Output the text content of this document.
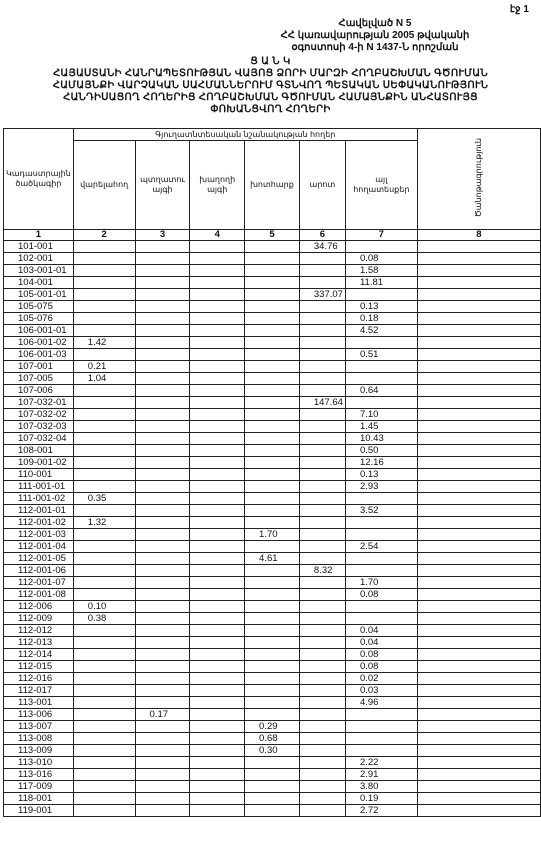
էջ 1
Հավելված N 5
ՀՀ կառավարության 2005 թվականի
օգոստոսի 4-ի N 1437-Ն որոշման
Ց Ա Ն Կ
ՀԱՅԱՍՏԱՆԻ ՀԱՆՐԱՊԵՏՈՒԹՅԱՆ ՎԱՅՈՑ ՁՈՐԻ ՄԱՐԶԻ ՀՈՂԲԱՇԽՄԱՆ ԳԾՈՒՄԱՆ
ՀԱՄԱՅՆՔԻ ՎԱՐՉԱԿԱՆ ՍԱՀՄԱՆՆԵՐՈՒՄ ԳՏՆՎՈՂ ՊԵՏԱԿԱՆ ՍԵՓԱԿԱՆՈՒԹՅՈՒՆ
ՀԱՆԴԻՍԱՑՈՂ ՀՈՂԵՐԻՑ ՀՈՂԲԱՇԽՄԱՆ ԳԾՈՒՄԱՆ ՀԱՄԱՅՆՔԻՆ ԱՆՀԱՏՈՒՅՑ
ՓՈԽԱՆՑՎՈՂ ՀՈՂԵՐԻ
Կադաստրային ծածկագիր	Գյուղատնտեսական նշանակության հողեր						Ծանոթագրություն
	վարելահող	պտղատու այգի	խաղողի այգի	խոտհարք	արոտ	այլ հողատեսքեր	
1	2	3	4	5	6	7	8
101-001					34.76		
102-001						0.08	
103-001-01						1.58	
104-001						11.81	
105-001-01					337.07		
105-075						0.13	
105-076						0.18	
106-001-01						4.52	
106-001-02	1.42						
106-001-03						0.51	
107-001	0.21						
107-005	1.04						
107-006						0.64	
107-032-01					147.64		
107-032-02						7.10	
107-032-03						1.45	
107-032-04						10.43	
108-001						0.50	
109-001-02						12.16	
110-001						0.13	
111-001-01						2.93	
111-001-02	0.35						
112-001-01						3.52	
112-001-02	1.32						
112-001-03				1.70			
112-001-04						2.54	
112-001-05				4.61			
112-001-06					8.32		
112-001-07						1.70	
112-001-08						0.08	
112-006	0.10						
112-009	0.38						
112-012						0.04	
112-013						0.04	
112-014						0.08	
112-015						0.08	
112-016						0.02	
112-017						0.03	
113-001						4.96	
113-006		0.17					
113-007				0.29			
113-008				0.68			
113-009				0.30			
113-010						2.22	
113-016						2.91	
117-009						3.80	
118-001						0.19	
119-001						2.72	
